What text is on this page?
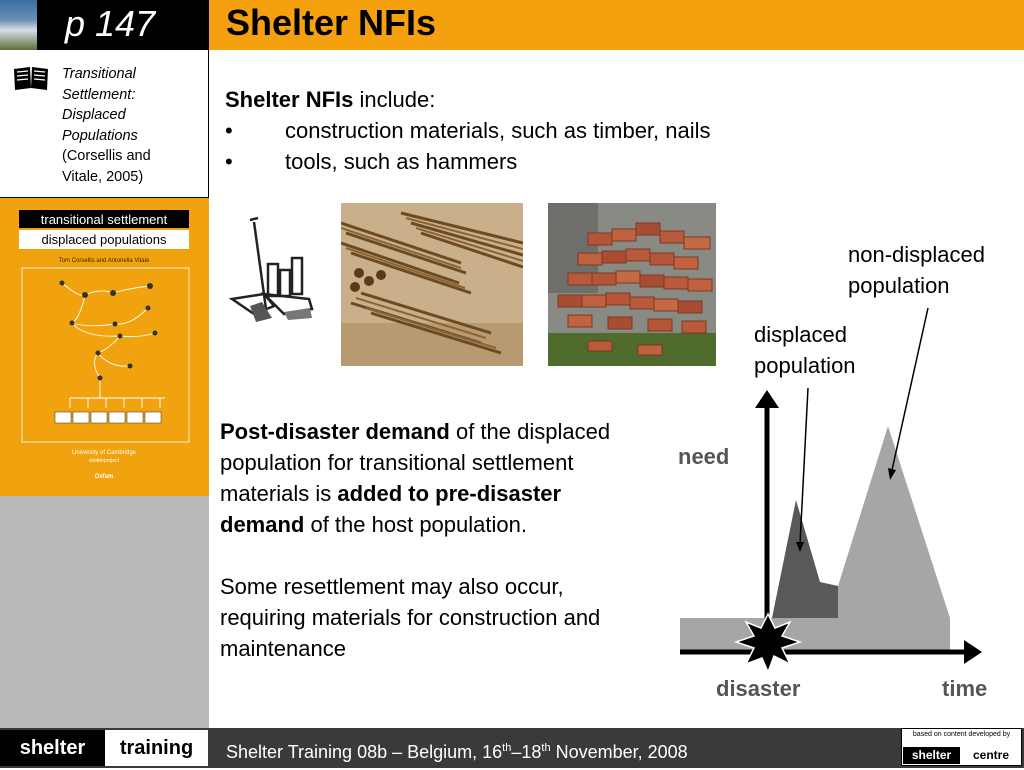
p 147	Shelter NFIs
Transitional
Settlement:
Displaced
Populations
(Corsellis and
Vitale, 2005)
transitional settlement
displaced populations
Tom Corsellis and Antonella Vitale
University of Cambridge
shelterproject
Oxfam
Shelter NFIs include:
•	construction materials, such as timber, nails
•	tools, such as hammers

Post-disaster demand of the displaced population for transitional settlement materials is added to pre-disaster demand of the host population.

Some resettlement may also occur, requiring materials for construction and maintenance

non-displaced
population
displaced
population
need
disaster	time
shelter	training	Shelter Training 08b – Belgium, 16th–18th November, 2008
based on content developed by
shelter	centre
